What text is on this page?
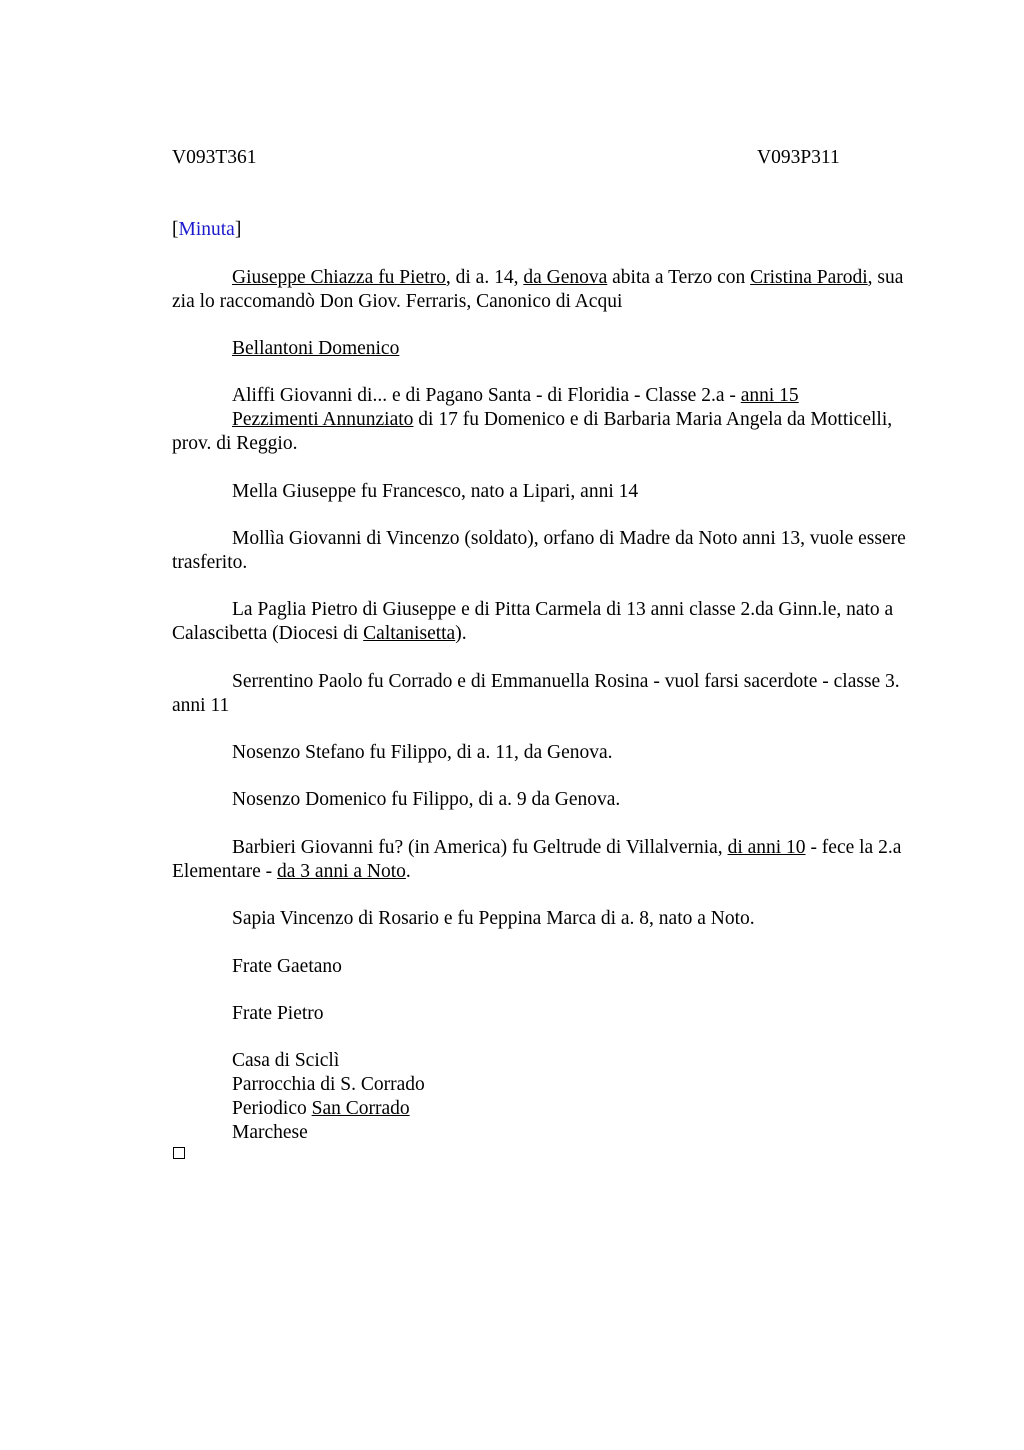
V093T361	V093P311
[Minuta]

Giuseppe Chiazza fu Pietro, di a. 14, da Genova abita a Terzo con Cristina Parodi, sua zia lo raccomandò Don Giov. Ferraris, Canonico di Acqui

Bellantoni Domenico

Aliffi Giovanni di... e di Pagano Santa - di Floridia - Classe 2.a - anni 15

Pezzimenti Annunziato di 17 fu Domenico e di Barbaria Maria Angela da Motticelli, prov. di Reggio.

Mella Giuseppe fu Francesco, nato a Lipari, anni 14

Mollìa Giovanni di Vincenzo (soldato), orfano di Madre da Noto anni 13, vuole essere trasferito.

La Paglia Pietro di Giuseppe e di Pitta Carmela di 13 anni classe 2.da Ginn.le, nato a Calascibetta (Diocesi di Caltanisetta).

Serrentino Paolo fu Corrado e di Emmanuella Rosina - vuol farsi sacerdote - classe 3. anni 11

Nosenzo Stefano fu Filippo, di a. 11, da Genova.

Nosenzo Domenico fu Filippo, di a. 9 da Genova.

Barbieri Giovanni fu? (in America) fu Geltrude di Villalvernia, di anni 10 - fece la 2.a Elementare - da 3 anni a Noto.

Sapia Vincenzo di Rosario e fu Peppina Marca di a. 8, nato a Noto.

Frate Gaetano

Frate Pietro

Casa di Sciclì
Parrocchia di S. Corrado
Periodico San Corrado
Marchese
